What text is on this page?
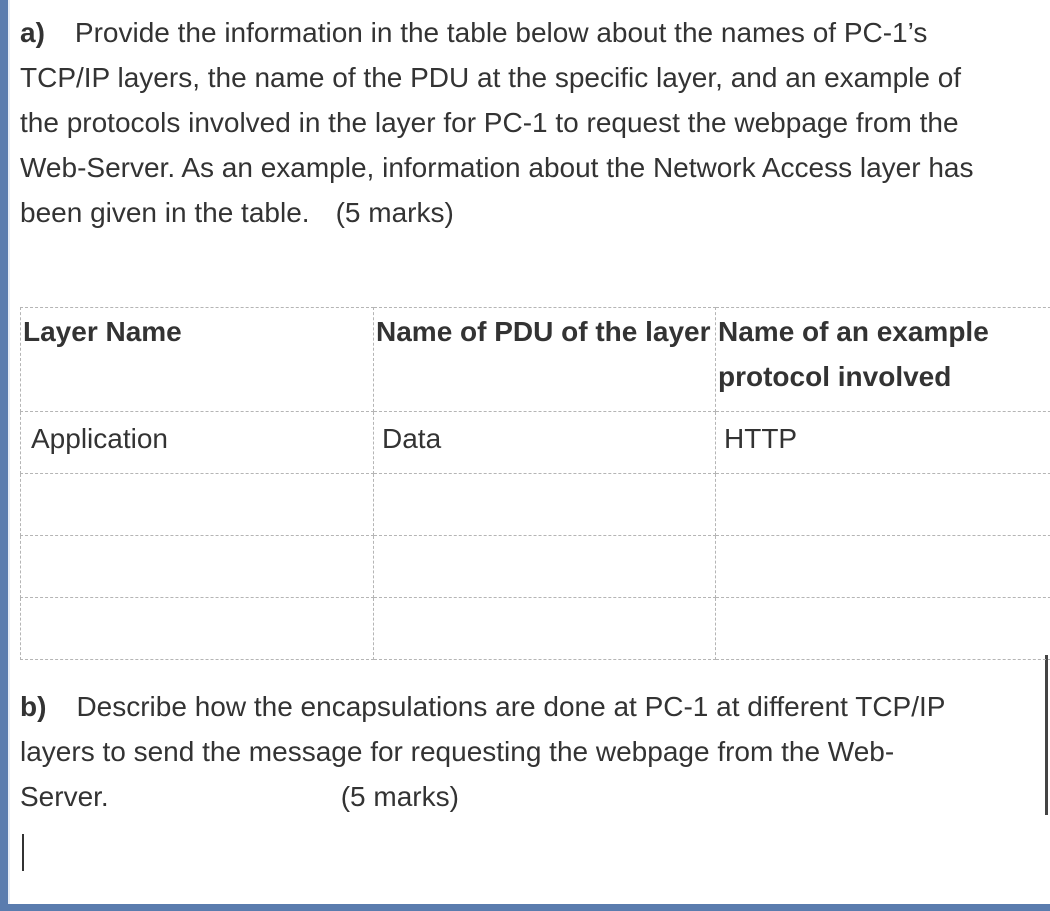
a) Provide the information in the table below about the names of PC-1’s
TCP/IP layers, the name of the PDU at the specific layer, and an example of
the protocols involved in the layer for PC-1 to request the webpage from the
Web-Server. As an example, information about the Network Access layer has
been given in the table. (5 marks)
Layer Name	Name of PDU of the layer	Name of an example protocol involved
Application	Data	HTTP

b) Describe how the encapsulations are done at PC-1 at different TCP/IP
layers to send the message for requesting the webpage from the Web-
Server.	(5 marks)
